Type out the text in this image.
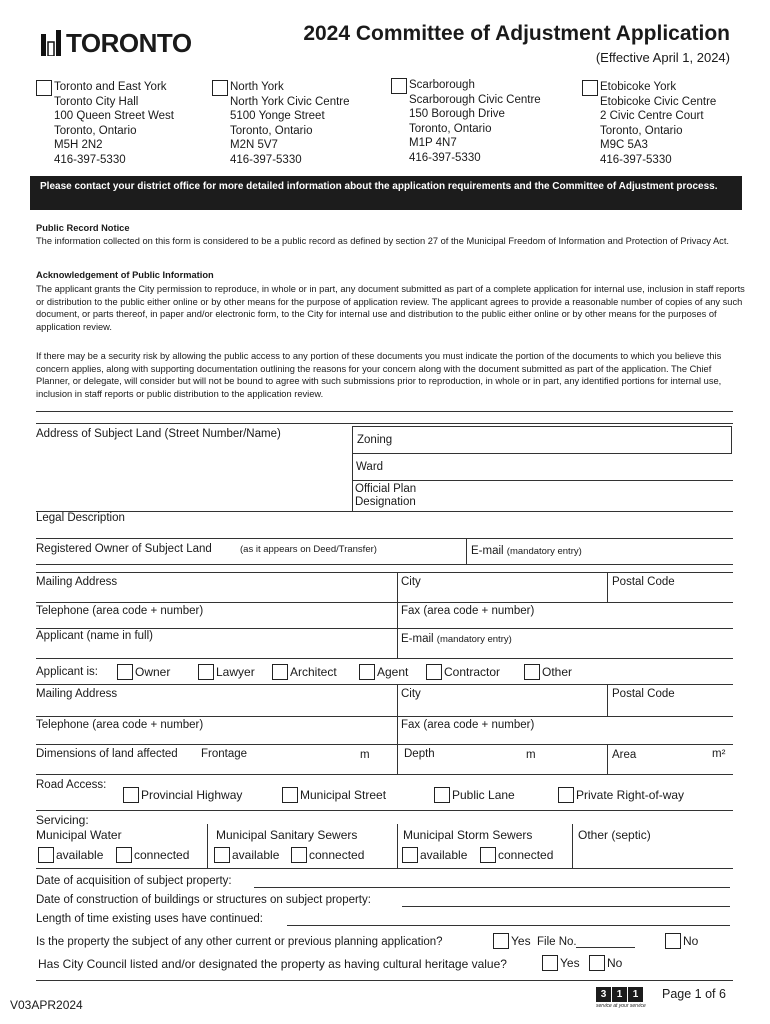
TORONTO	2024 Committee of Adjustment Application
(Effective April 1, 2024)
Toronto and East York
Toronto City Hall
100 Queen Street West
Toronto, Ontario
M5H 2N2
416-397-5330
North York
North York Civic Centre
5100 Yonge Street
Toronto, Ontario
M2N 5V7
416-397-5330
Scarborough
Scarborough Civic Centre
150 Borough Drive
Toronto, Ontario
M1P 4N7
416-397-5330
Etobicoke York
Etobicoke Civic Centre
2 Civic Centre Court
Toronto, Ontario
M9C 5A3
416-397-5330
Please contact your district office for more detailed information about the application requirements and the Committee of Adjustment process.
Public Record Notice
The information collected on this form is considered to be a public record as defined by section 27 of the Municipal Freedom of Information and Protection of Privacy Act.
Acknowledgement of Public Information
The applicant grants the City permission to reproduce, in whole or in part, any document submitted as part of a complete application for internal use, inclusion in staff reports or distribution to the public either online or by other means for the purpose of application review. The applicant agrees to provide a reasonable number of copies of any such document, or parts thereof, in paper and/or electronic form, to the City for internal use and distribution to the public either online or by other means for the purposes of application review.
If there may be a security risk by allowing the public access to any portion of these documents you must indicate the portion of the documents to which you believe this concern applies, along with supporting documentation outlining the reasons for your concern along with the document submitted as part of the application. The Chief Planner, or delegate, will consider but will not be bound to agree with such submissions prior to reproduction, in whole or in part, any identified portions for internal use, inclusion in staff reports or public distribution to the application review.
Address of Subject Land (Street Number/Name)	Zoning
Ward
Official Plan
Designation
Legal Description
Registered Owner of Subject Land	(as it appears on Deed/Transfer)	E-mail (mandatory entry)
Mailing Address	City	Postal Code
Telephone (area code + number)	Fax (area code + number)
Applicant (name in full)	E-mail (mandatory entry)
Applicant is:	Owner	Lawyer	Architect	Agent	Contractor	Other
Mailing Address	City	Postal Code
Telephone (area code + number)	Fax (area code + number)
Dimensions of land affected Frontage	m	Depth	m	Area	m²
Road Access:
Provincial Highway	Municipal Street	Public Lane	Private Right-of-way
Servicing:
Municipal Water
available	connected
Municipal Sanitary Sewers
available connected
Municipal Storm Sewers
available	connected
Other (septic)
Date of acquisition of subject property:
Date of construction of buildings or structures on subject property:
Length of time existing uses have continued:
Is the property the subject of any other current or previous planning application?	Yes File No.	No
Has City Council listed and/or designated the property as having cultural heritage value?	Yes No
V03APR2024
3 1 1
service at your service
Page 1 of 6
